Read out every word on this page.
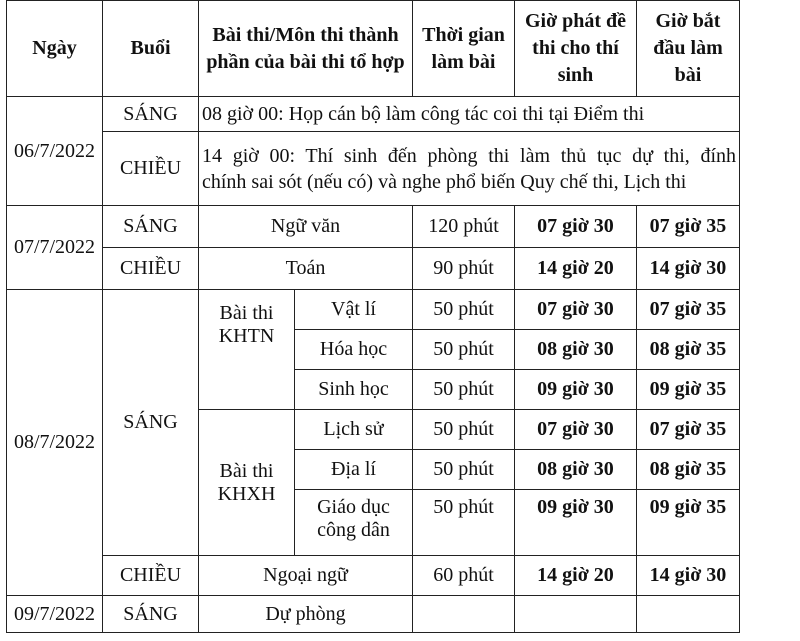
Ngày	Buổi	Bài thi/Môn thi thành phần của bài thi tổ hợp		Thời gian làm bài	Giờ phát đề thi cho thí sinh	Giờ bắt đầu làm bài
06/7/2022	SÁNG	08 giờ 00: Họp cán bộ làm công tác coi thi tại Điểm thi				
	CHIỀU	14 giờ 00: Thí sinh đến phòng thi làm thủ tục dự thi, đính
chính sai sót (nếu có) và nghe phổ biến Quy chế thi, Lịch thi				

07/7/2022	SÁNG	Ngữ văn		120 phút	07 giờ 30	07 giờ 35
	CHIỀU	Toán		90 phút	14 giờ 20	14 giờ 30
08/7/2022	SÁNG	Bài thi KHTN	Vật lí	50 phút	07 giờ 30	07 giờ 35
			Hóa học	50 phút	08 giờ 30	08 giờ 35
			Sinh học	50 phút	09 giờ 30	09 giờ 35
		Bài thi KHXH	Lịch sử	50 phút	07 giờ 30	07 giờ 35
			Địa lí	50 phút	08 giờ 30	08 giờ 35
			Giáo dục công dân	50 phút	09 giờ 30	09 giờ 35
	CHIỀU	Ngoại ngữ		60 phút	14 giờ 20	14 giờ 30
09/7/2022	SÁNG	Dự phòng				
